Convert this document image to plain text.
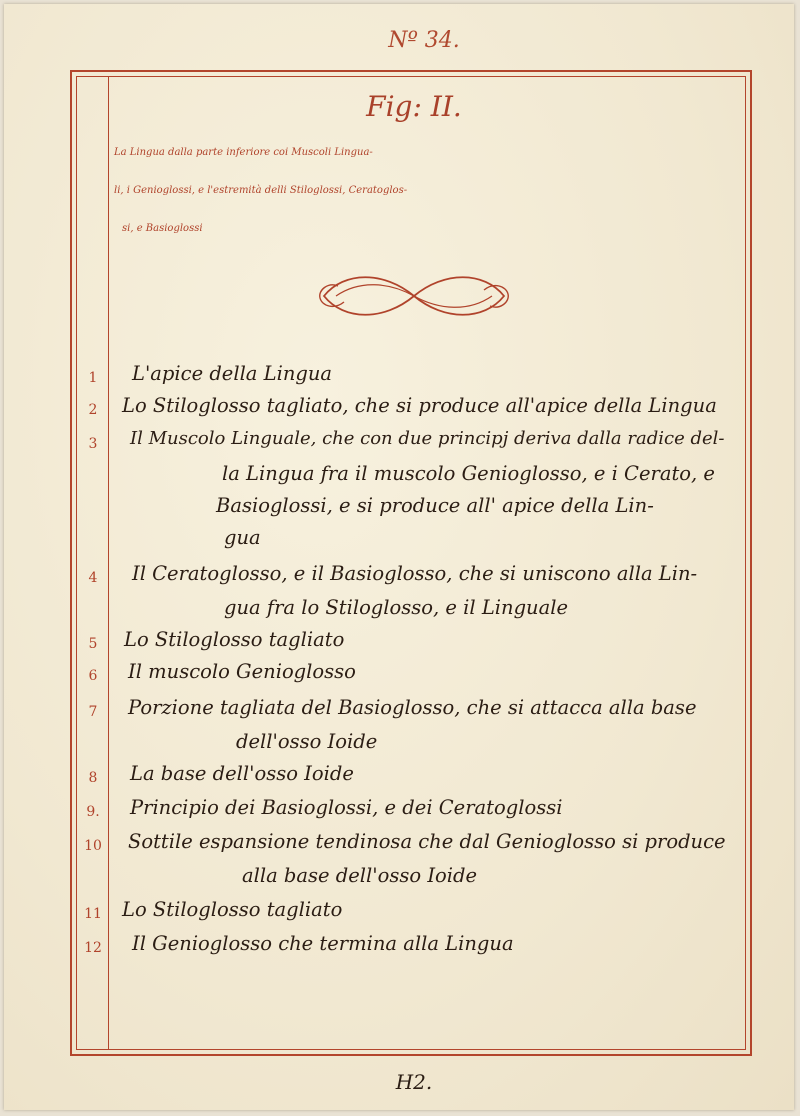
Nº 34.
Fig: II.
La Lingua dalla parte inferiore coi Muscoli Lingua-
li, i Genioglossi, e l'estremità delli Stiloglossi, Ceratoglos-
si, e Basioglossi
1	L'apice della Lingua
2	Lo Stiloglosso tagliato, che si produce all'apice della Lingua
3	Il Muscolo Linguale, che con due principj deriva dalla radice del-
la Lingua fra il muscolo Genioglosso, e i Cerato, e
Basioglossi, e si produce all' apice della Lin-
gua
4	Il Ceratoglosso, e il Basioglosso, che si uniscono alla Lin-
gua fra lo Stiloglosso, e il Linguale
5	Lo Stiloglosso tagliato
6	Il muscolo Genioglosso
7	Porzione tagliata del Basioglosso, che si attacca alla base
dell'osso Ioide
8	La base dell'osso Ioide
9.	Principio dei Basioglossi, e dei Ceratoglossi
10 Sottile espansione tendinosa che dal Genioglosso si produce
alla base dell'osso Ioide
11 Lo Stiloglosso tagliato
12 Il Genioglosso che termina alla Lingua
H2.
